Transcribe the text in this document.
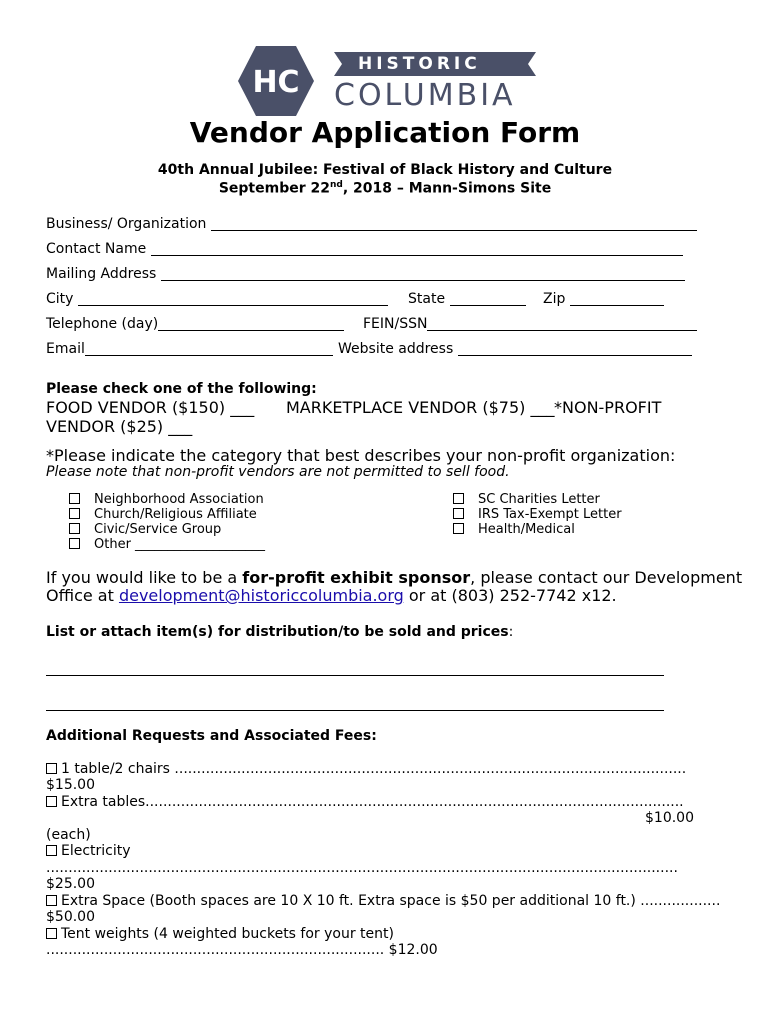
HC
HISTORIC
COLUMBIA
Vendor Application Form
40th Annual Jubilee: Festival of Black History and Culture
September 22nd, 2018 – Mann-Simons Site
Business/ Organization
Contact Name
Mailing Address
City	State	Zip
Telephone (day)	FEIN/SSN
Email	Website address
Please check one of the following:
FOOD VENDOR ($150) ___ MARKETPLACE VENDOR ($75) ___ *NON-PROFIT
VENDOR ($25) ___
*Please indicate the category that best describes your non-profit organization:
Please note that non-profit vendors are not permitted to sell food.
Neighborhood Association
Church/Religious Affiliate
Civic/Service Group
Other ____________________
SC Charities Letter
IRS Tax-Exempt Letter
Health/Medical
If you would like to be a for-profit exhibit sponsor, please contact our Development
Office at development@historiccolumbia.org or at (803) 252-7742 x12.
List or attach item(s) for distribution/to be sold and prices:
Additional Requests and Associated Fees:
1 table/2 chairs ...................................................................................................................
$15.00
Extra tables.........................................................................................................................
$10.00
(each)
Electricity
..............................................................................................................................................
$25.00
Extra Space (Booth spaces are 10 X 10 ft. Extra space is $50 per additional 10 ft.) ..................
$50.00
Tent weights (4 weighted buckets for your tent)
............................................................................ $12.00
